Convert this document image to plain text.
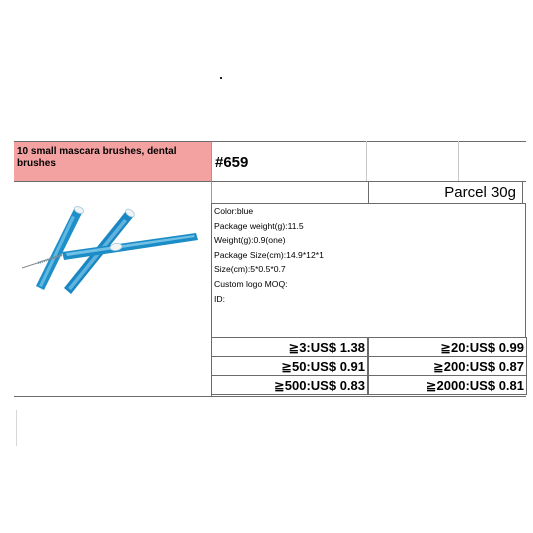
10 small mascara brushes, dental brushes	#659
Parcel 30g
Color:blue
Package weight(g):11.5
Weight(g):0.9(one)
Package Size(cm):14.9*12*1
Size(cm):5*0.5*0.7
Custom logo MOQ:
ID:
≧3:US$ 1.38	≧20:US$ 0.99
≧50:US$ 0.91	≧200:US$ 0.87
≧500:US$ 0.83	≧2000:US$ 0.81
